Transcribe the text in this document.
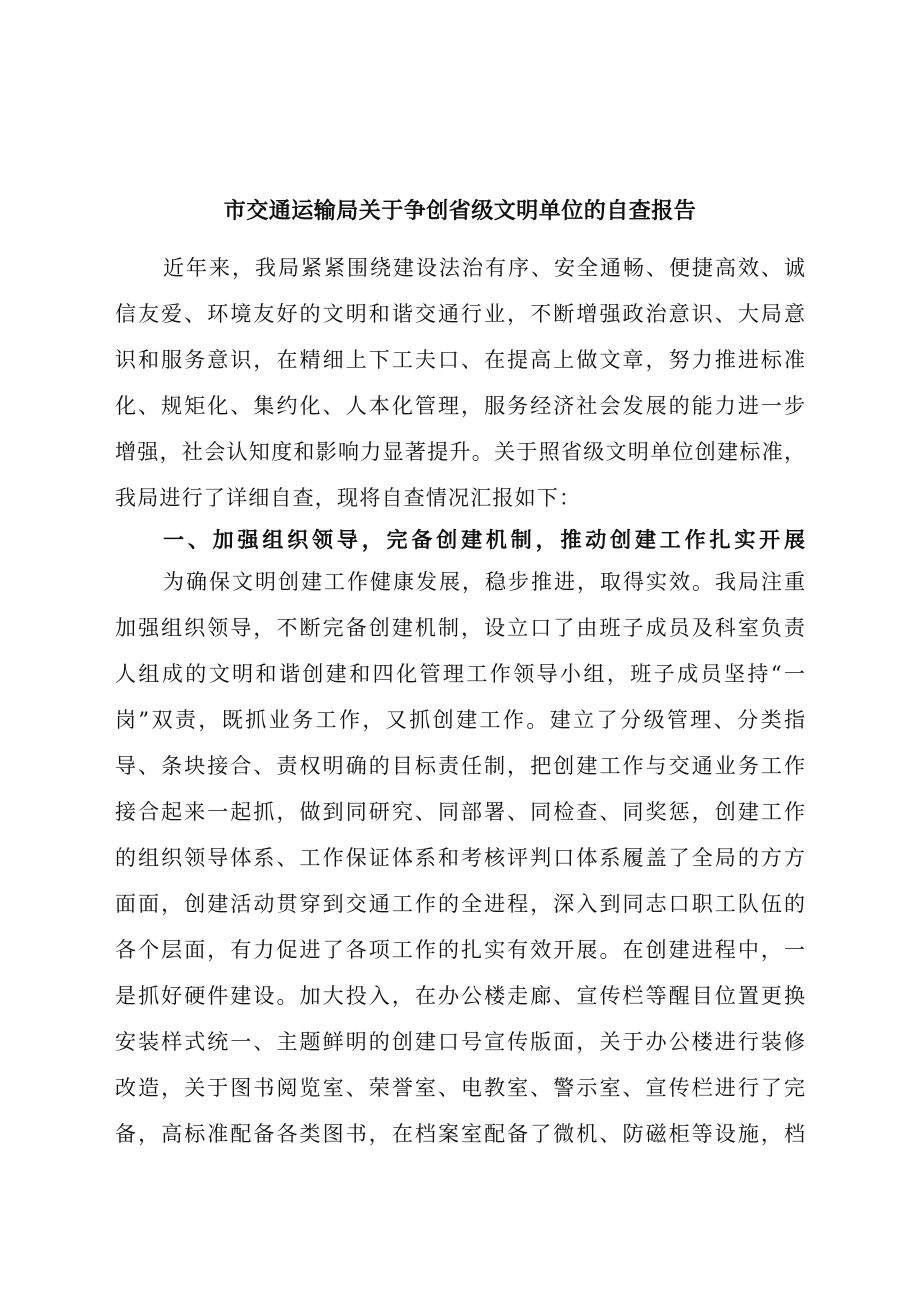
市交通运输局关于争创省级文明单位的自查报告
近年来，我局紧紧围绕建设法治有序、安全通畅、便捷高效、诚
信友爱、环境友好的文明和谐交通行业，不断增强政治意识、大局意
识和服务意识，在精细上下工夫口、在提高上做文章，努力推进标准
化、规矩化、集约化、人本化管理，服务经济社会发展的能力进一步
增强，社会认知度和影响力显著提升。关于照省级文明单位创建标准，
我局进行了详细自查，现将自查情况汇报如下：
一、加强组织领导，完备创建机制，推动创建工作扎实开展
为确保文明创建工作健康发展，稳步推进，取得实效。我局注重
加强组织领导，不断完备创建机制，设立口了由班子成员及科室负责
人组成的文明和谐创建和四化管理工作领导小组，班子成员坚持“一
岗”双责，既抓业务工作，又抓创建工作。建立了分级管理、分类指
导、条块接合、责权明确的目标责任制，把创建工作与交通业务工作
接合起来一起抓，做到同研究、同部署、同检查、同奖惩，创建工作
的组织领导体系、工作保证体系和考核评判口体系履盖了全局的方方
面面，创建活动贯穿到交通工作的全进程，深入到同志口职工队伍的
各个层面，有力促进了各项工作的扎实有效开展。在创建进程中，一
是抓好硬件建设。加大投入，在办公楼走廊、宣传栏等醒目位置更换
安装样式统一、主题鲜明的创建口号宣传版面，关于办公楼进行装修
改造，关于图书阅览室、荣誉室、电教室、警示室、宣传栏进行了完
备，高标准配备各类图书，在档案室配备了微机、防磁柜等设施，档
